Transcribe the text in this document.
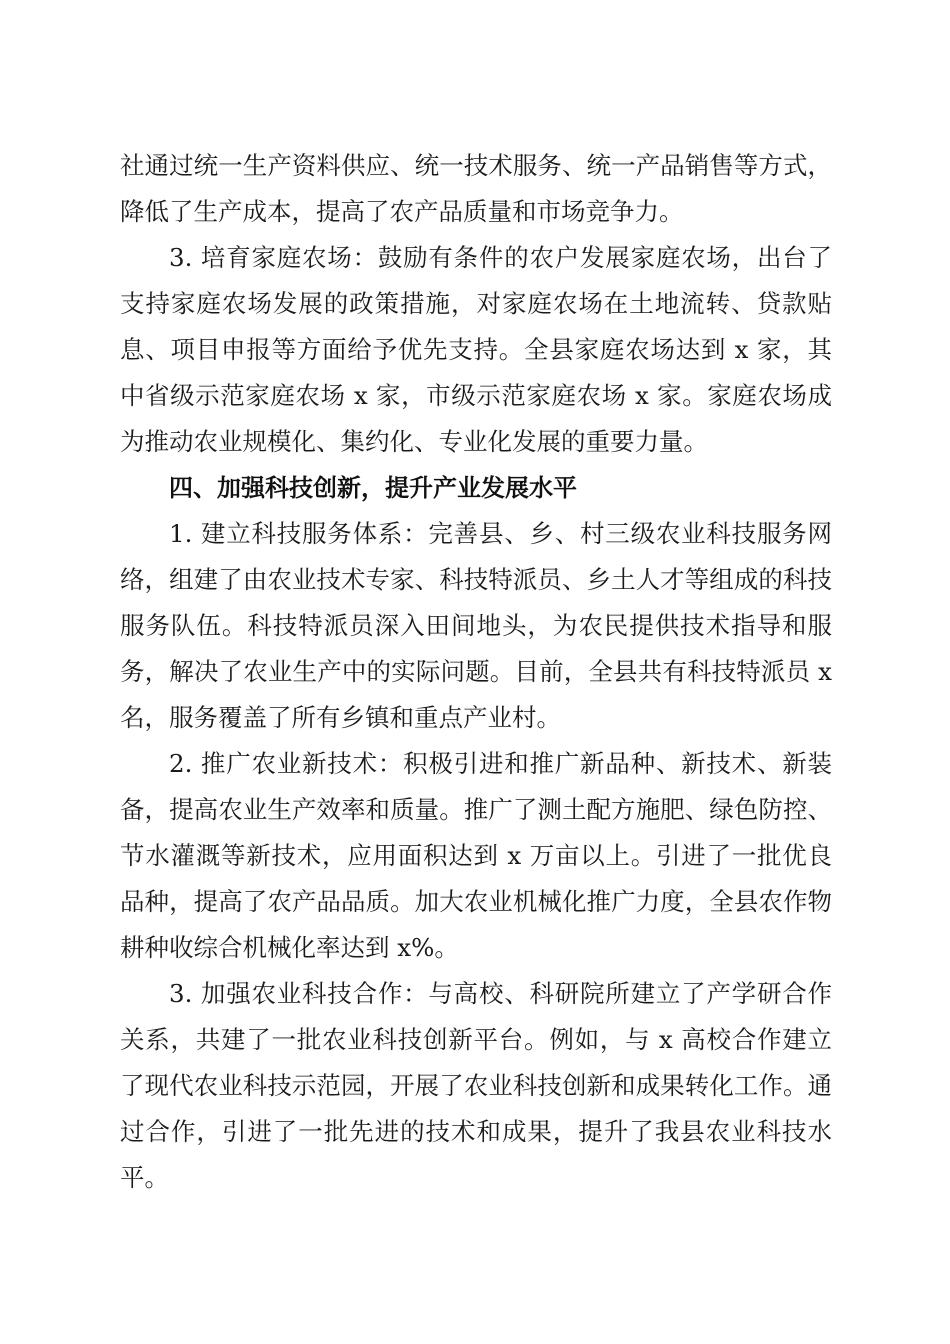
社通过统一生产资料供应、统一技术服务、统一产品销售等方式，降低了生产成本，提高了农产品质量和市场竞争力。

3. 培育家庭农场：鼓励有条件的农户发展家庭农场，出台了支持家庭农场发展的政策措施，对家庭农场在土地流转、贷款贴息、项目申报等方面给予优先支持。全县家庭农场达到 x 家，其中省级示范家庭农场 x 家，市级示范家庭农场 x 家。家庭农场成为推动农业规模化、集约化、专业化发展的重要力量。

四、加强科技创新，提升产业发展水平

1. 建立科技服务体系：完善县、乡、村三级农业科技服务网络，组建了由农业技术专家、科技特派员、乡土人才等组成的科技服务队伍。科技特派员深入田间地头，为农民提供技术指导和服务，解决了农业生产中的实际问题。目前，全县共有科技特派员 x 名，服务覆盖了所有乡镇和重点产业村。

2. 推广农业新技术：积极引进和推广新品种、新技术、新装备，提高农业生产效率和质量。推广了测土配方施肥、绿色防控、节水灌溉等新技术，应用面积达到 x 万亩以上。引进了一批优良品种，提高了农产品品质。加大农业机械化推广力度，全县农作物耕种收综合机械化率达到 x%。

3. 加强农业科技合作：与高校、科研院所建立了产学研合作关系，共建了一批农业科技创新平台。例如，与 x 高校合作建立了现代农业科技示范园，开展了农业科技创新和成果转化工作。通过合作，引进了一批先进的技术和成果，提升了我县农业科技水平。
